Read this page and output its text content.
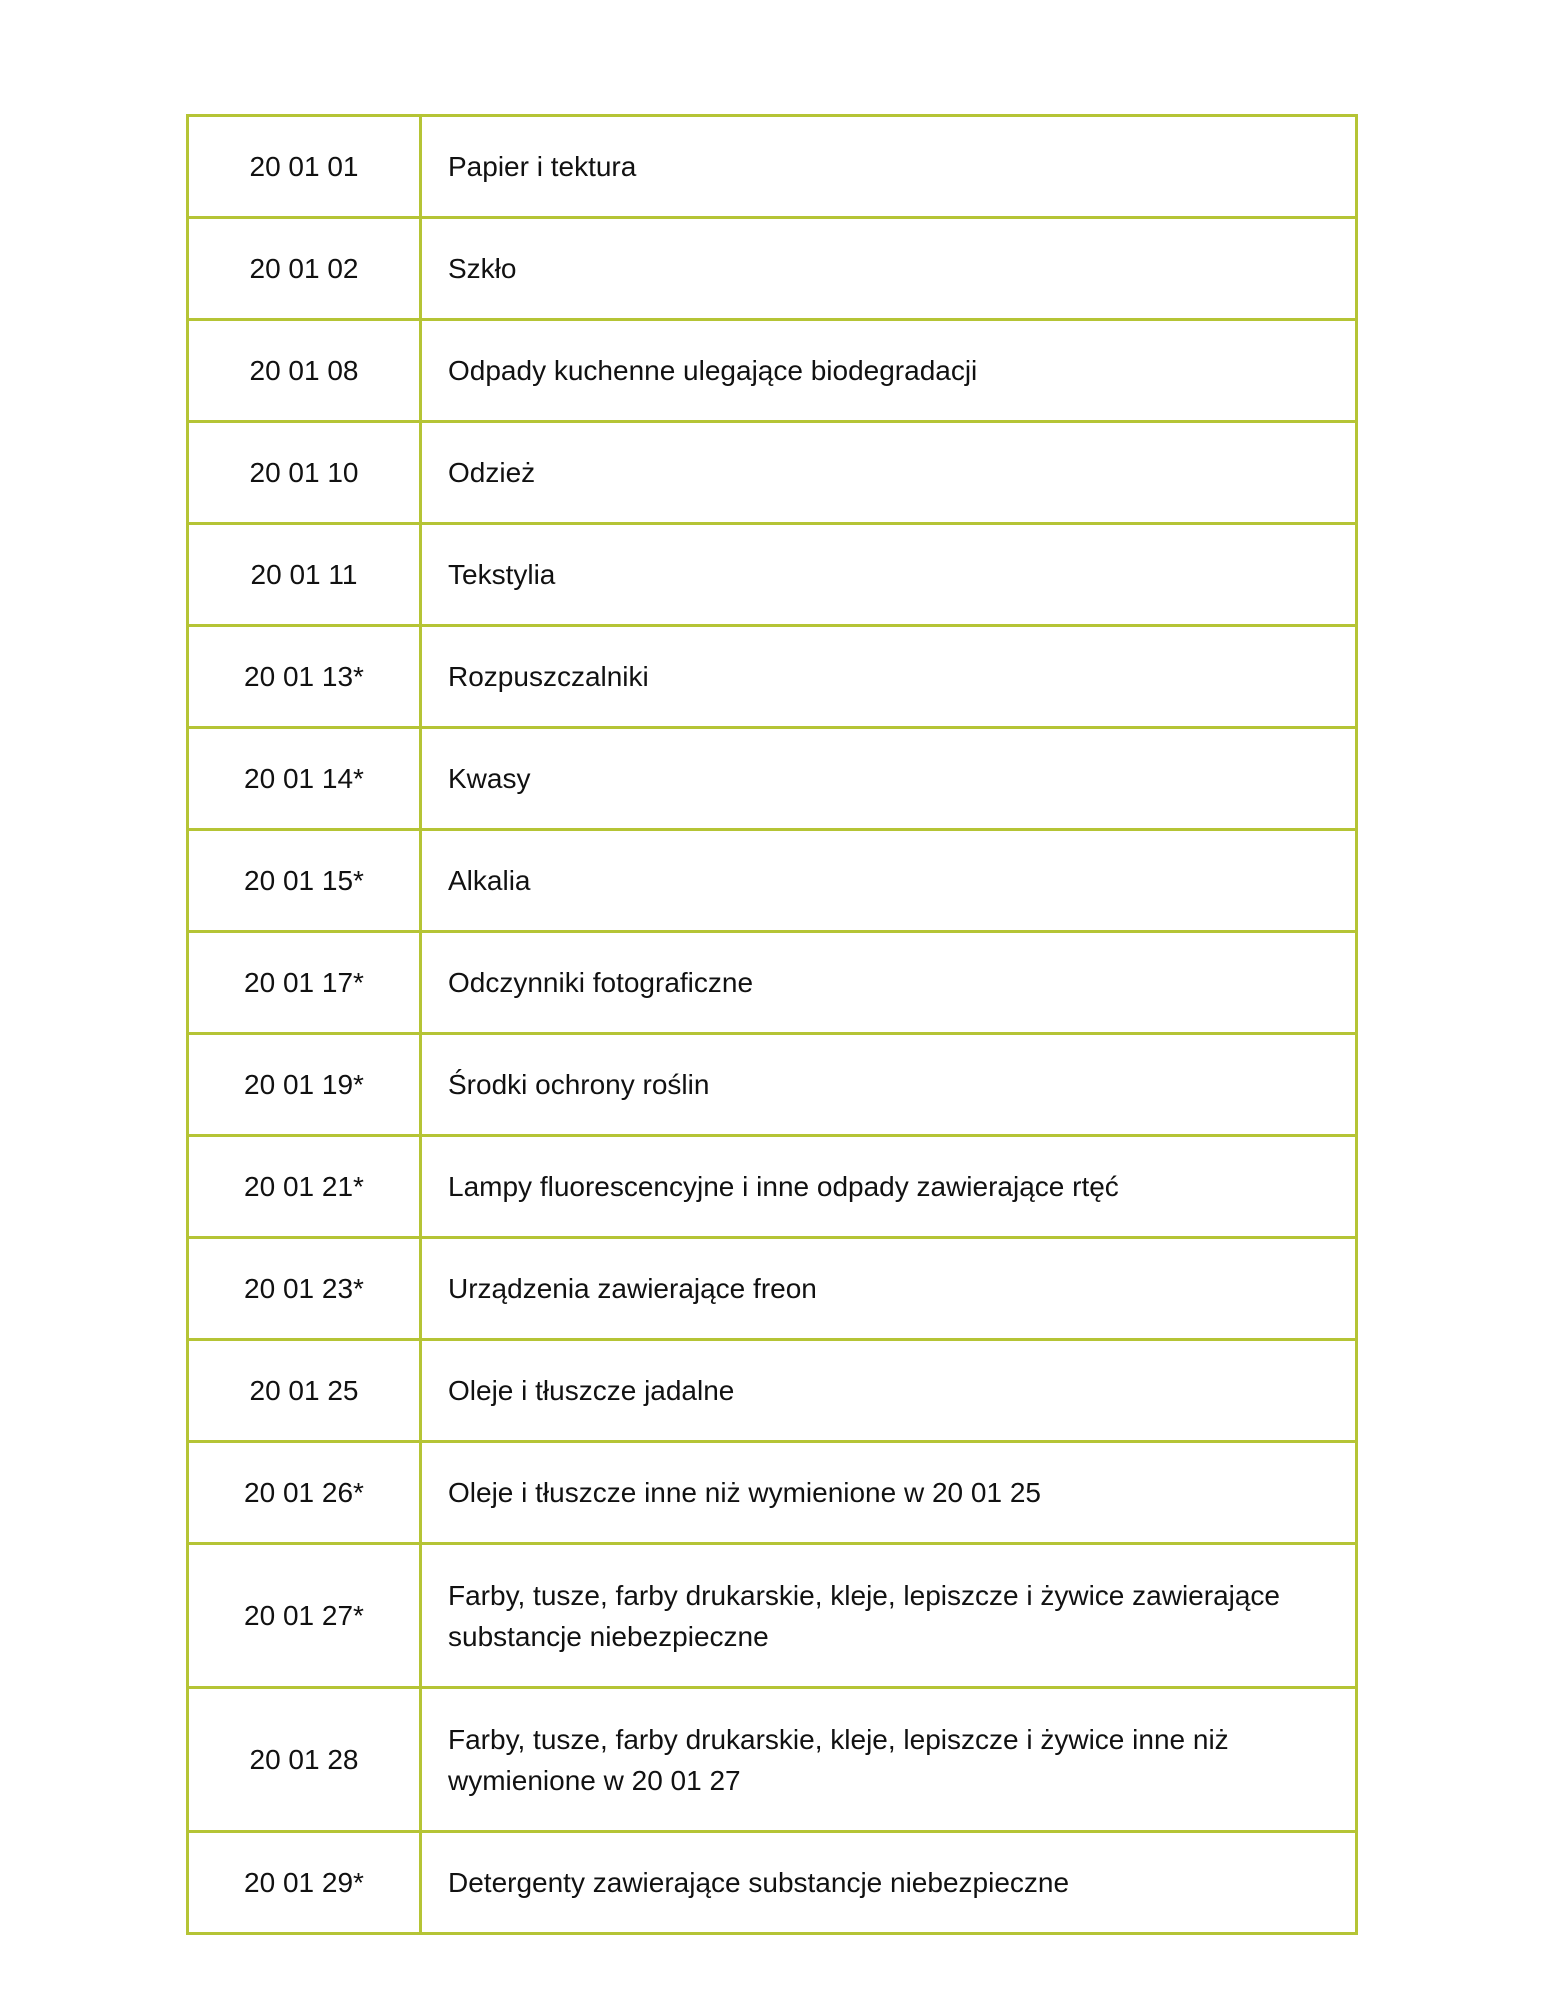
20 01 01	Papier i tektura
20 01 02	Szkło
20 01 08	Odpady kuchenne ulegające biodegradacji
20 01 10	Odzież
20 01 11	Tekstylia
20 01 13*	Rozpuszczalniki
20 01 14*	Kwasy
20 01 15*	Alkalia
20 01 17*	Odczynniki fotograficzne
20 01 19*	Środki ochrony roślin
20 01 21*	Lampy fluorescencyjne i inne odpady zawierające rtęć
20 01 23*	Urządzenia zawierające freon
20 01 25	Oleje i tłuszcze jadalne
20 01 26*	Oleje i tłuszcze inne niż wymienione w 20 01 25
20 01 27*	Farby, tusze, farby drukarskie, kleje, lepiszcze i żywice zawierające substancje niebezpieczne
20 01 28	Farby, tusze, farby drukarskie, kleje, lepiszcze i żywice inne niż wymienione w 20 01 27
20 01 29*	Detergenty zawierające substancje niebezpieczne
